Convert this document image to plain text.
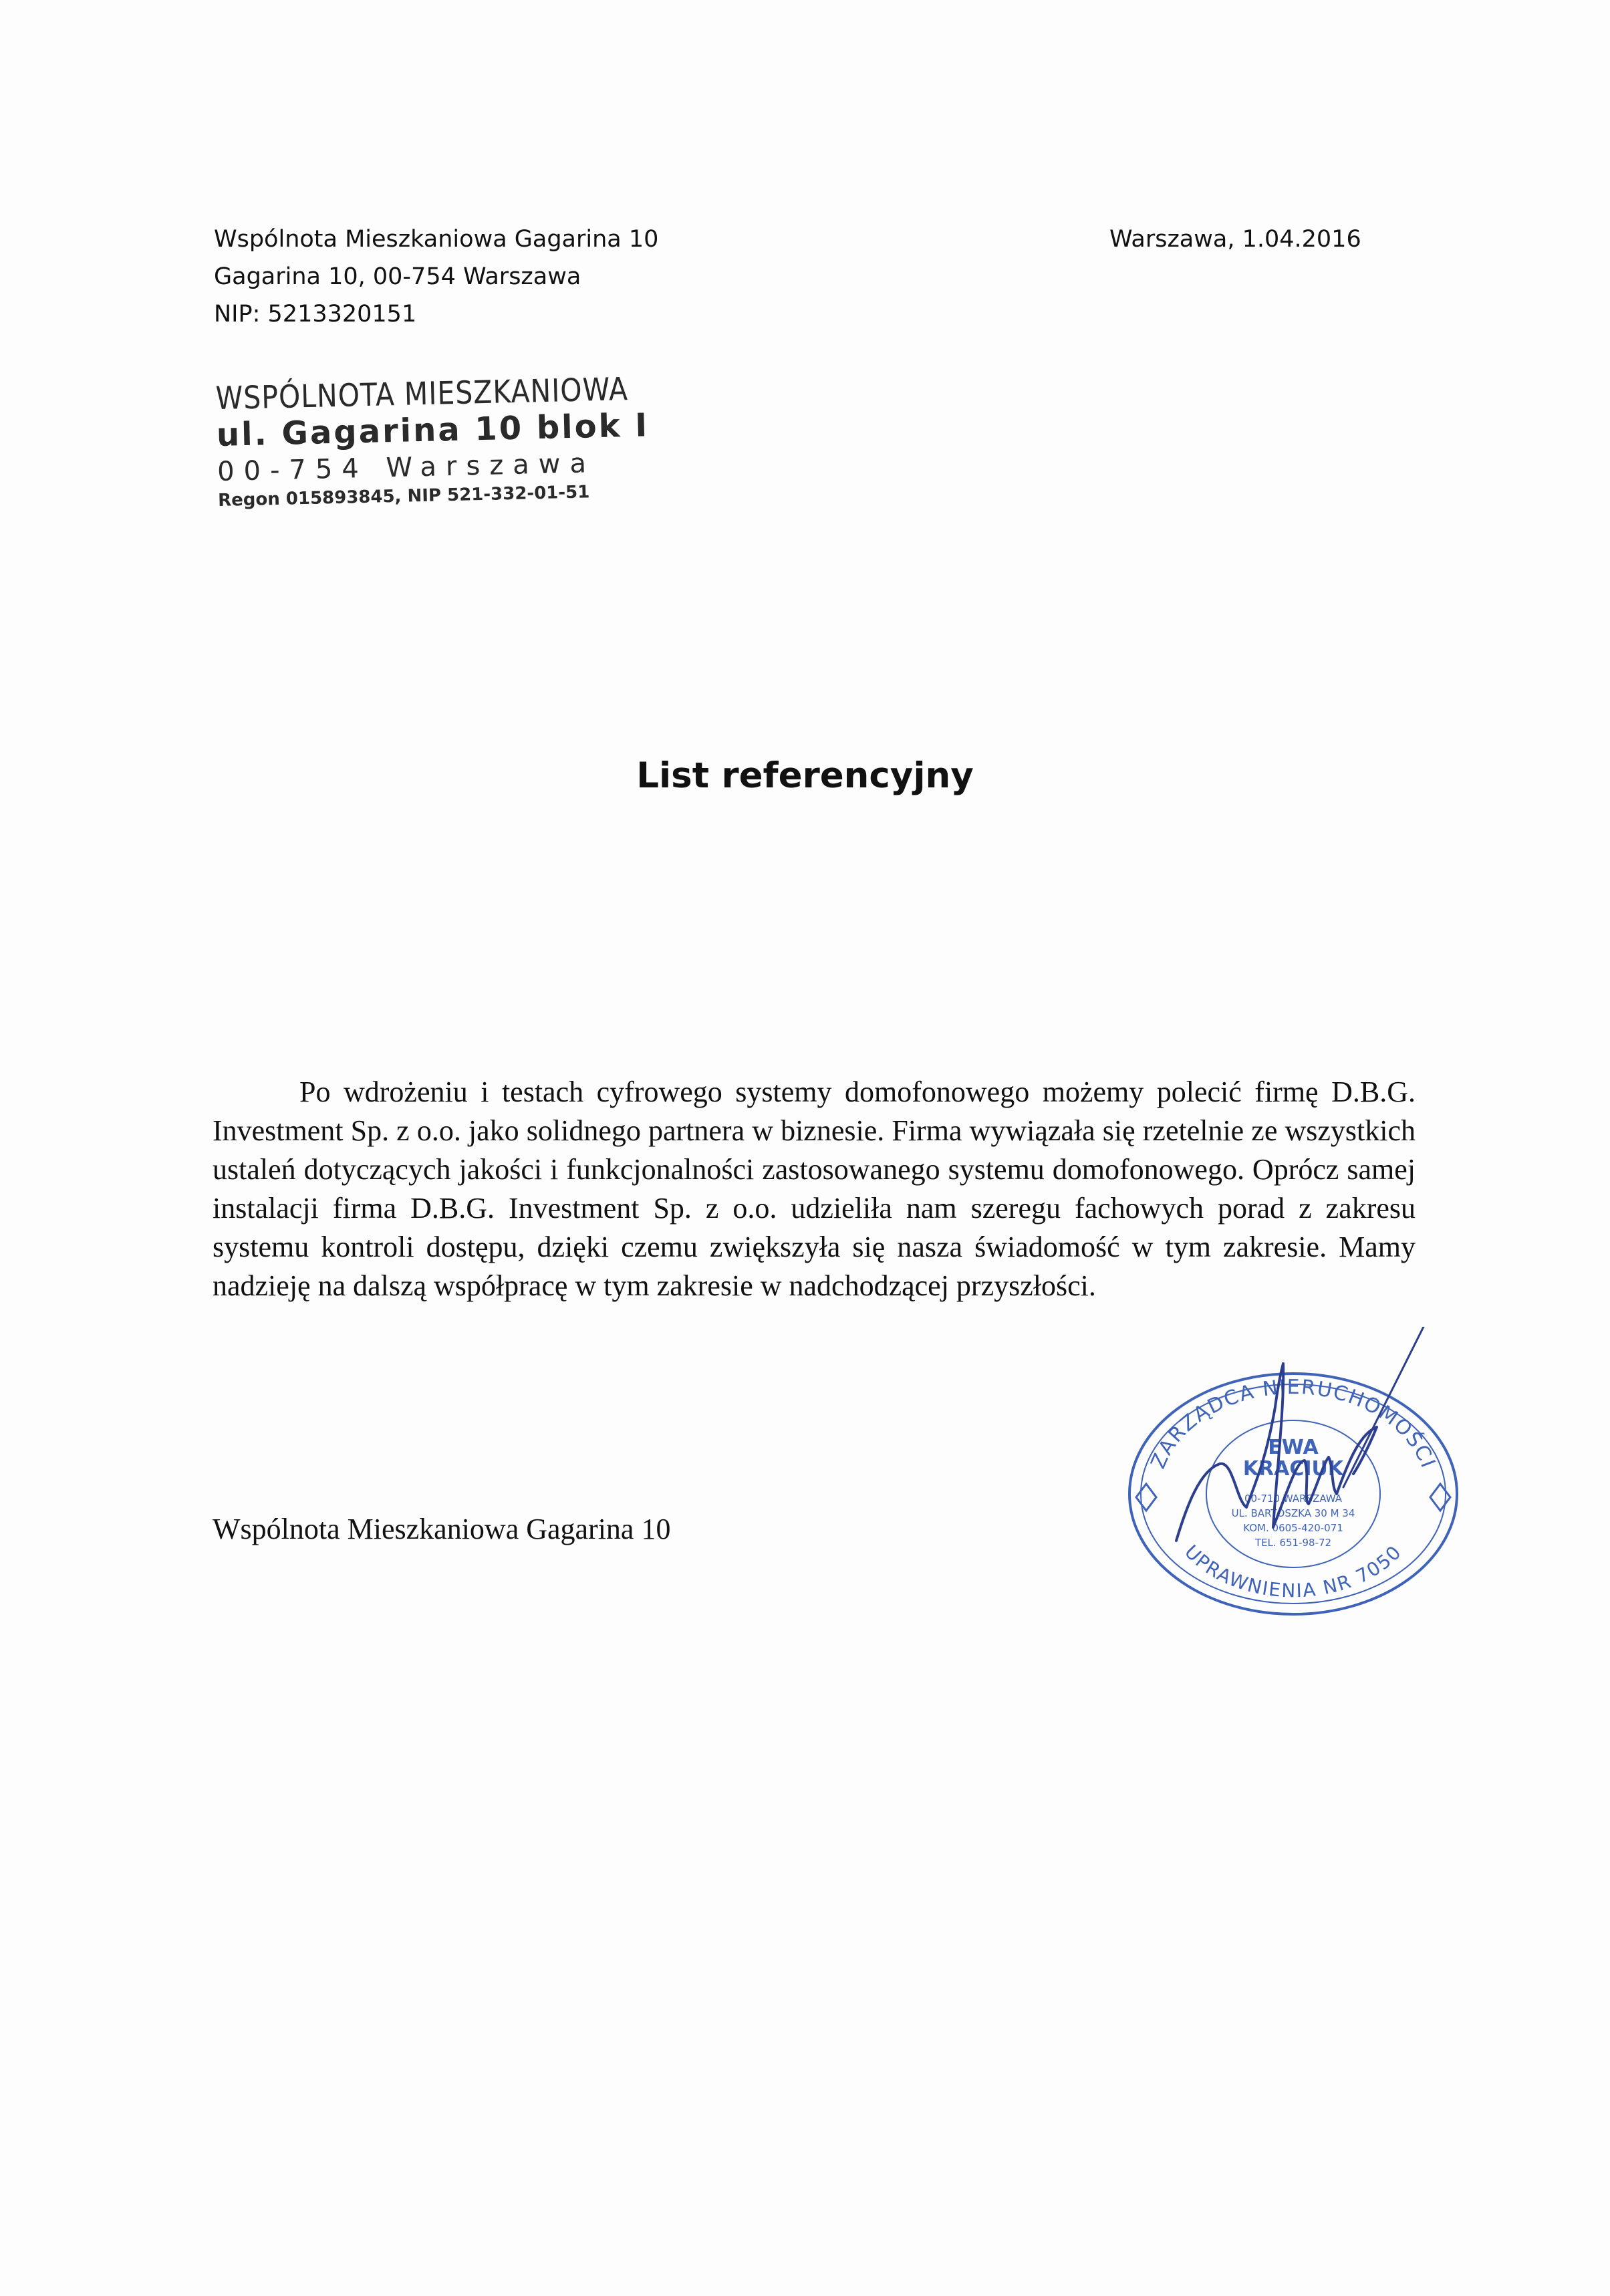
Wspólnota Mieszkaniowa Gagarina 10
Gagarina 10, 00-754 Warszawa
NIP: 5213320151
Warszawa, 1.04.2016
WSPÓLNOTA MIESZKANIOWA
ul. Gagarina 10 blok I
00-754 Warszawa
Regon 015893845, NIP 521-332-01-51
List referencyjny
Po wdrożeniu i testach cyfrowego systemy domofonowego możemy polecić firmę D.B.G. Investment Sp. z o.o. jako solidnego partnera w biznesie. Firma wywiązała się rzetelnie ze wszystkich ustaleń dotyczących jakości i funkcjonalności zastosowanego systemu domofonowego. Oprócz samej instalacji firma D.B.G. Investment Sp. z o.o. udzieliła nam szeregu fachowych porad z zakresu systemu kontroli dostępu, dzięki czemu zwiększyła się nasza świadomość w tym zakresie. Mamy nadzieję na dalszą współpracę w tym zakresie w nadchodzącej przyszłości.
Wspólnota Mieszkaniowa Gagarina 10
ZARZĄDCA NIERUCHOMOŚCI
UPRAWNIENIA NR 7050
EWA
KRACIUK
00-710 WARSZAWA
UL. BARTOSZKA 30 M 34
KOM. 0605-420-071
TEL. 651-98-72
